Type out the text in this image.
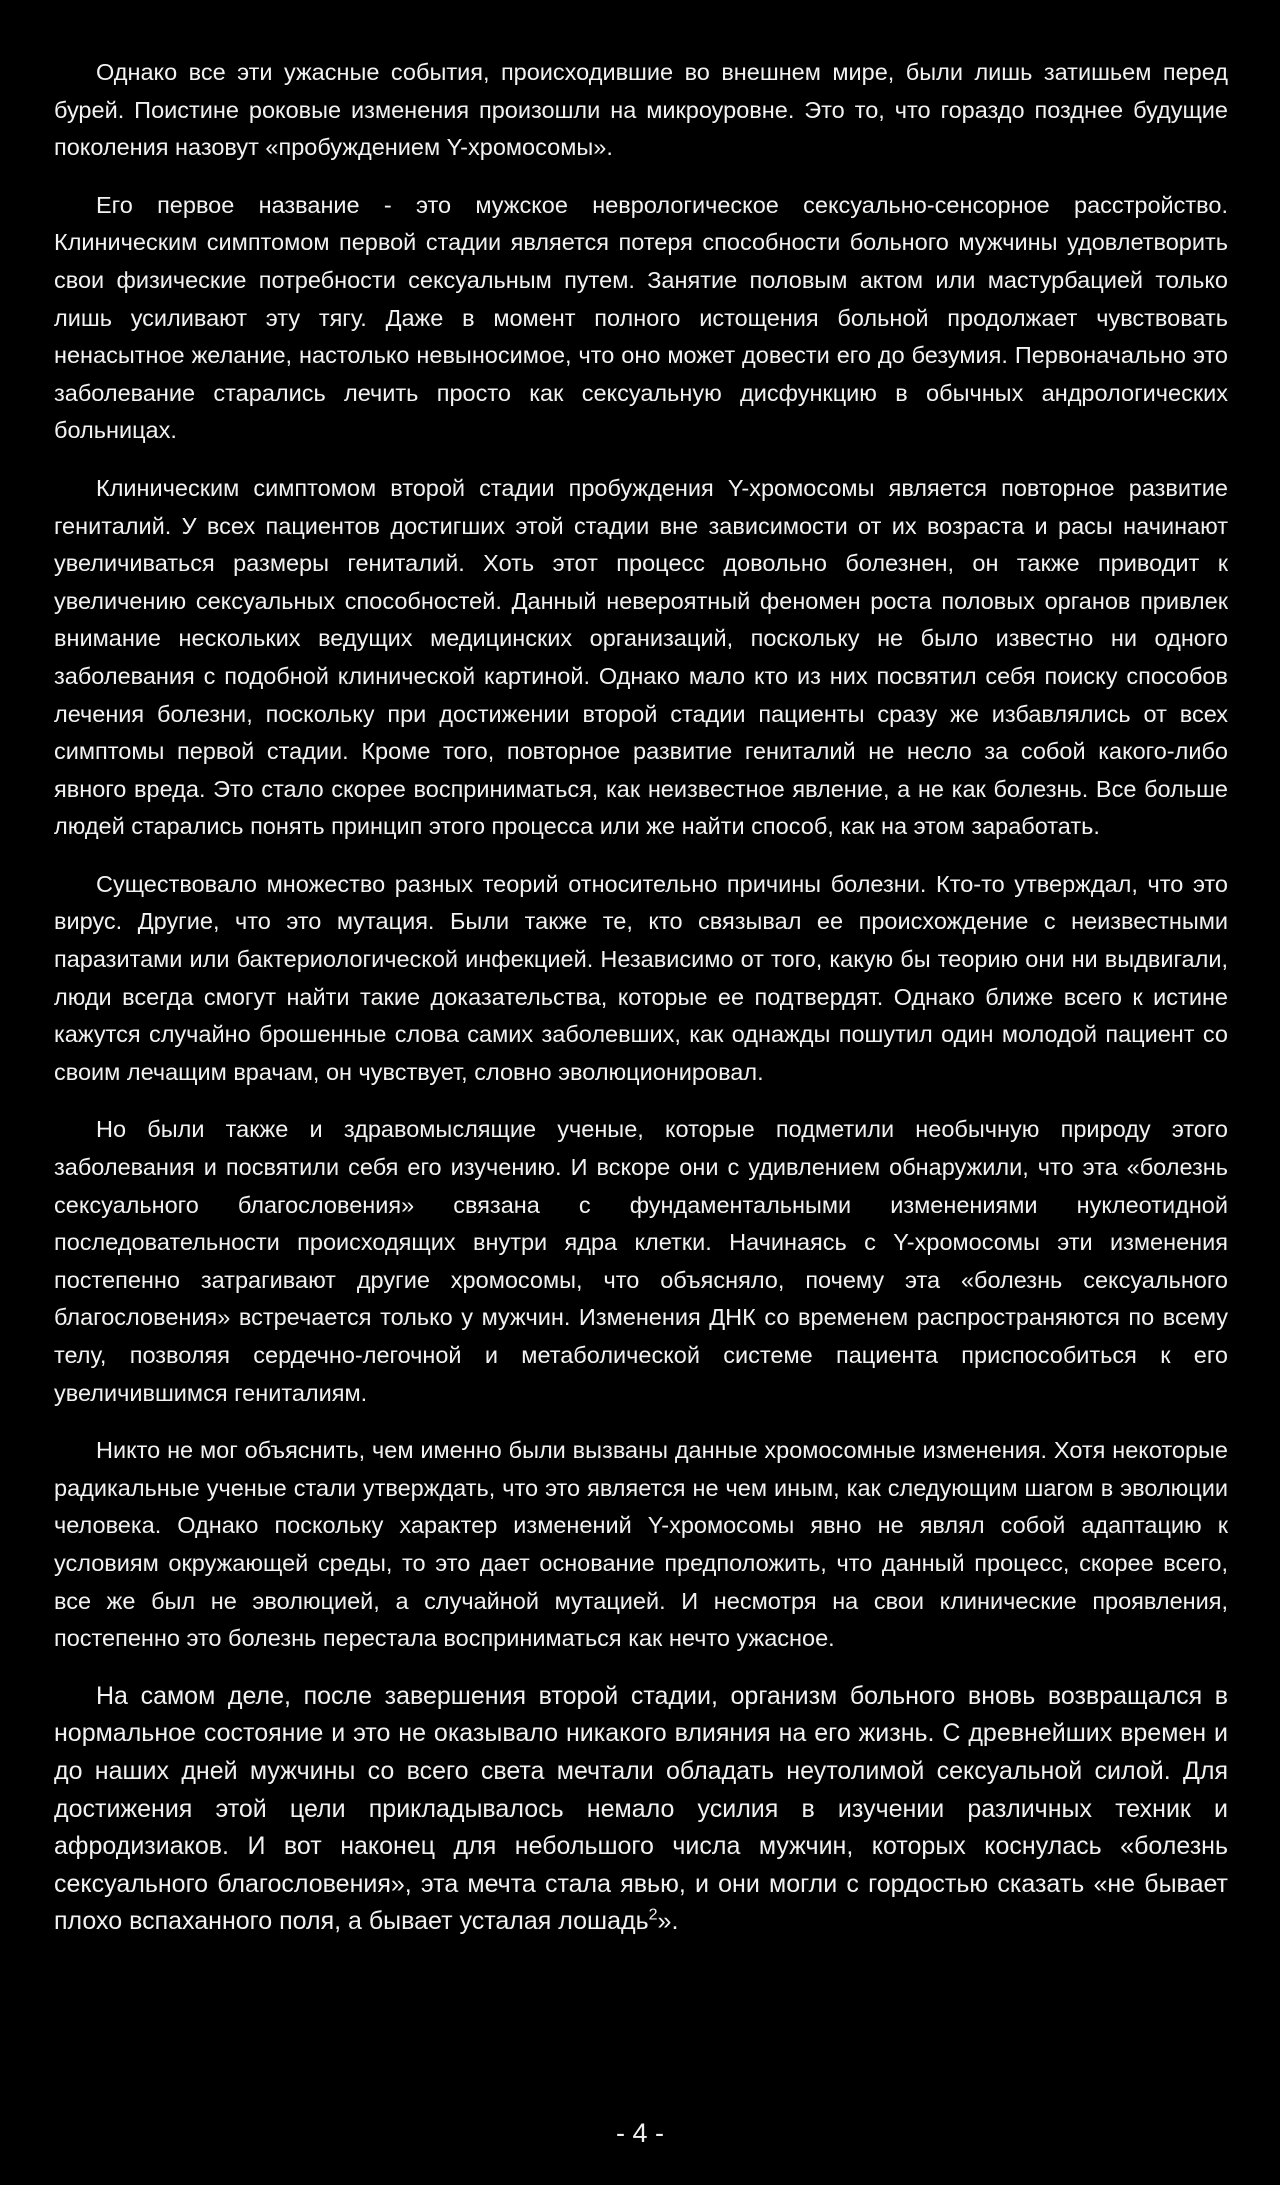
Однако все эти ужасные события, происходившие во внешнем мире, были лишь затишьем перед бурей. Поистине роковые изменения произошли на микроуровне. Это то, что гораздо позднее будущие поколения назовут «пробуждением Y-хромосомы».

Его первое название - это мужское неврологическое сексуально-сенсорное расстройство. Клиническим симптомом первой стадии является потеря способности больного мужчины удовлетворить свои физические потребности сексуальным путем. Занятие половым актом или мастурбацией только лишь усиливают эту тягу. Даже в момент полного истощения больной продолжает чувствовать ненасытное желание, настолько невыносимое, что оно может довести его до безумия. Первоначально это заболевание старались лечить просто как сексуальную дисфункцию в обычных андрологических больницах.

Клиническим симптомом второй стадии пробуждения Y-хромосомы является повторное развитие гениталий. У всех пациентов достигших этой стадии вне зависимости от их возраста и расы начинают увеличиваться размеры гениталий. Хоть этот процесс довольно болезнен, он также приводит к увеличению сексуальных способностей. Данный невероятный феномен роста половых органов привлек внимание нескольких ведущих медицинских организаций, поскольку не было известно ни одного заболевания с подобной клинической картиной. Однако мало кто из них посвятил себя поиску способов лечения болезни, поскольку при достижении второй стадии пациенты сразу же избавлялись от всех симптомы первой стадии. Кроме того, повторное развитие гениталий не несло за собой какого-либо явного вреда. Это стало скорее восприниматься, как неизвестное явление, а не как болезнь. Все больше людей старались понять принцип этого процесса или же найти способ, как на этом заработать.

Существовало множество разных теорий относительно причины болезни. Кто-то утверждал, что это вирус. Другие, что это мутация. Были также те, кто связывал ее происхождение с неизвестными паразитами или бактериологической инфекцией. Независимо от того, какую бы теорию они ни выдвигали, люди всегда смогут найти такие доказательства, которые ее подтвердят. Однако ближе всего к истине кажутся случайно брошенные слова самих заболевших, как однажды пошутил один молодой пациент со своим лечащим врачам, он чувствует, словно эволюционировал.

Но были также и здравомыслящие ученые, которые подметили необычную природу этого заболевания и посвятили себя его изучению. И вскоре они с удивлением обнаружили, что эта «болезнь сексуального благословения» связана с фундаментальными изменениями нуклеотидной последовательности происходящих внутри ядра клетки. Начинаясь с Y-хромосомы эти изменения постепенно затрагивают другие хромосомы, что объясняло, почему эта «болезнь сексуального благословения» встречается только у мужчин. Изменения ДНК со временем распространяются по всему телу, позволяя сердечно-легочной и метаболической системе пациента приспособиться к его увеличившимся гениталиям.

Никто не мог объяснить, чем именно были вызваны данные хромосомные изменения. Хотя некоторые радикальные ученые стали утверждать, что это является не чем иным, как следующим шагом в эволюции человека. Однако поскольку характер изменений Y-хромосомы явно не являл собой адаптацию к условиям окружающей среды, то это дает основание предположить, что данный процесс, скорее всего, все же был не эволюцией, а случайной мутацией. И несмотря на свои клинические проявления, постепенно это болезнь перестала восприниматься как нечто ужасное.

На самом деле, после завершения второй стадии, организм больного вновь возвращался в нормальное состояние и это не оказывало никакого влияния на его жизнь. С древнейших времен и до наших дней мужчины со всего света мечтали обладать неутолимой сексуальной силой. Для достижения этой цели прикладывалось немало усилия в изучении различных техник и афродизиаков. И вот наконец для небольшого числа мужчин, которых коснулась «болезнь сексуального благословения», эта мечта стала явью, и они могли с гордостью сказать «не бывает плохо вспаханного поля, а бывает усталая лошадь$^2$».

- 4 -
